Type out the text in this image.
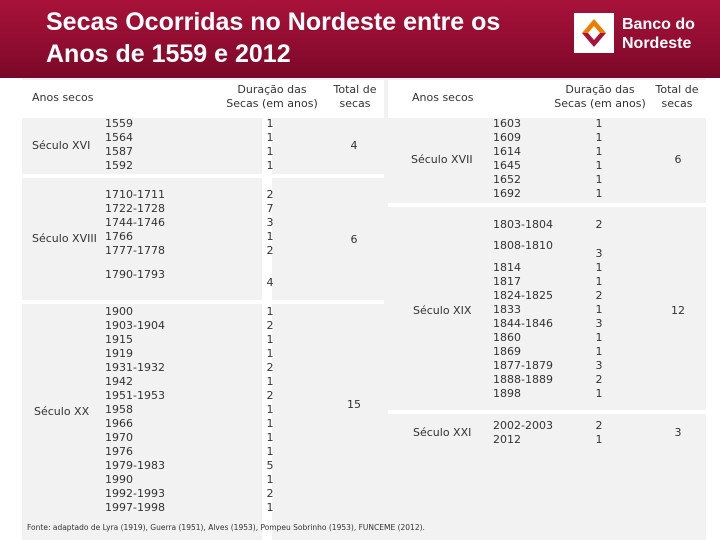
Secas Ocorridas no Nordeste entre os Anos de 1559 e 2012
Banco do
Nordeste
Anos secos
Duração das
Secas (em anos)
Total de
secas	Anos secos
Duração das
Secas (em anos)
Total de
secas
Século XVI
1559
1564
1587
1592
1
1
1
1
4
Século XVIII
1710-1711
1722-1728
1744-1746
1766
1777-1778
2
7
3
1
2
1790-1793
4
6
Século XX
1900
1903-1904
1915
1919
1931-1932
1942
1951-1953
1958
1966
1970
1976
1979-1983
1990
1992-1993
1997-1998
1
2
1
1
2
1
2
1
1
1
1
5
1
2
1
15
Século XVII
1603
1609
1614
1645
1652
1692
1
1
1
1
1
1
6
Século XIX
1803-1804	2
1808-1810
1814
1817
1824-1825
1833
1844-1846
1860
1869
1877-1879
1888-1889
1898
3
1
1
2
1
3
1
1
3
2
1
12
Século XXI
2002-2003
2012
2
1
3
Fonte: adaptado de Lyra (1919), Guerra (1951), Alves (1953), Pompeu Sobrinho (1953), FUNCEME (2012).
